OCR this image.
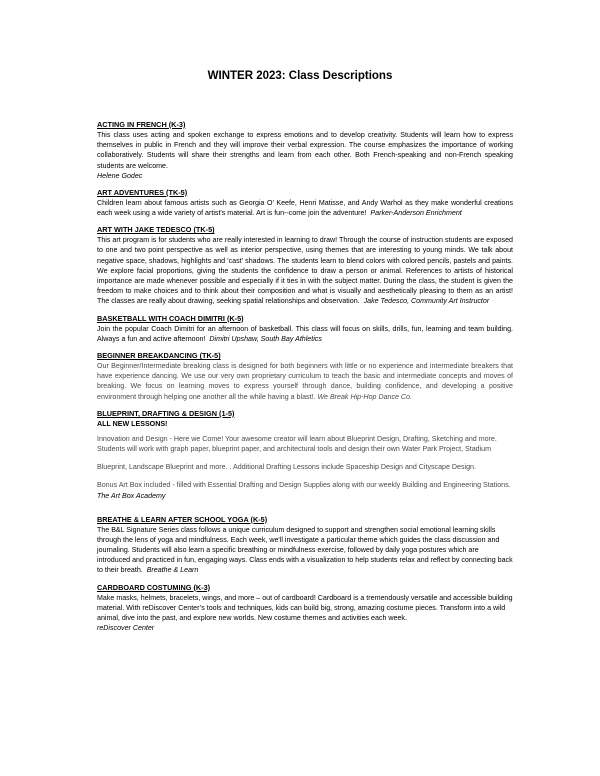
WINTER 2023: Class Descriptions
ACTING IN FRENCH (K-3)
This class uses acting and spoken exchange to express emotions and to develop creativity. Students will learn how to express themselves in public in French and they will improve their verbal expression. The course emphasizes the importance of working collaboratively. Students will share their strengths and learn from each other. Both French-speaking and non-French speaking students are welcome.
Helene Godec
ART ADVENTURES (TK-5)
Children learn about famous artists such as Georgia O’ Keefe, Henri Matisse, and Andy Warhol as they make wonderful creations each week using a wide variety of artist's material. Art is fun--come join the adventure! Parker-Anderson Enrichment
ART WITH JAKE TEDESCO (TK-5)
This art program is for students who are really interested in learning to draw! Through the course of instruction students are exposed to one and two point perspective as well as interior perspective, using themes that are interesting to young minds. We talk about negative space, shadows, highlights and 'cast' shadows. The students learn to blend colors with colored pencils, pastels and paints. We explore facial proportions, giving the students the confidence to draw a person or animal. References to artists of historical importance are made whenever possible and especially if it ties in with the subject matter. During the class, the student is given the freedom to make choices and to think about their composition and what is visually and aesthetically pleasing to them as an artist! The classes are really about drawing, seeking spatial relationships and observation. Jake Tedesco, Community Art Instructor
BASKETBALL WITH COACH DIMITRI (K-5)
Join the popular Coach Dimitri for an afternoon of basketball. This class will focus on skills, drills, fun, learning and team building. Always a fun and active afternoon! Dimitri Upshaw, South Bay Athletics
BEGINNER BREAKDANCING (TK-5)
Our Beginner/Intermediate breaking class is designed for both beginners with little or no experience and intermediate breakers that have experience dancing. We use our very own proprietary curriculum to teach the basic and intermediate concepts and moves of breaking. We focus on learning moves to express yourself through dance, building confidence, and developing a positive environment through helping one another all the while having a blast!. We Break Hip-Hop Dance Co.
BLUEPRINT, DRAFTING & DESIGN (1-5)
ALL NEW LESSONS!
Innovation and Design - Here we Come! Your awesome creator will learn about Blueprint Design, Drafting, Sketching and more. Students will work with graph paper, blueprint paper, and architectural tools and design their own Water Park Project, Stadium
Blueprint, Landscape Blueprint and more. . Additional Drafting Lessons include Spaceship Design and Cityscape Design.
Bonus Art Box included - filled with Essential Drafting and Design Supplies along with our weekly Building and Engineering Stations.
The Art Box Academy
BREATHE & LEARN AFTER SCHOOL YOGA (K-5)
The B&L Signature Series class follows a unique curriculum designed to support and strengthen social emotional learning skills through the lens of yoga and mindfulness. Each week, we'll investigate a particular theme which guides the class discussion and journaling. Students will also learn a specific breathing or mindfulness exercise, followed by daily yoga postures which are introduced and practiced in fun, engaging ways. Class ends with a visualization to help students relax and reflect by connecting back to their breath. Breathe & Learn
CARDBOARD COSTUMING (K-3)
Make masks, helmets, bracelets, wings, and more – out of cardboard! Cardboard is a tremendously versatile and accessible building material. With reDiscover Center’s tools and techniques, kids can build big, strong, amazing costume pieces. Transform into a wild animal, dive into the past, and explore new worlds. New costume themes and activities each week.
reDiscover Center
